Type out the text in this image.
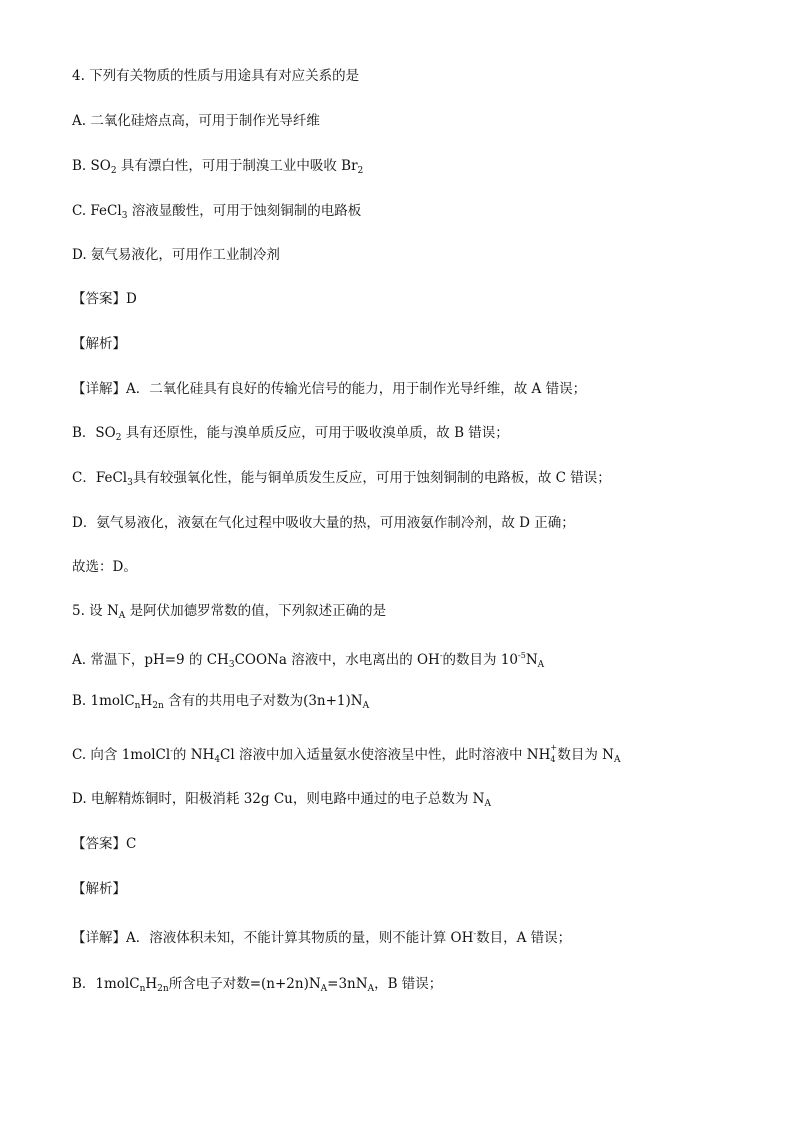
4. 下列有关物质的性质与用途具有对应关系的是
A. 二氧化硅熔点高，可用于制作光导纤维
B. $SO_2$ 具有漂白性，可用于制溴工业中吸收 $Br_2$
C. FeCl$_3$ 溶液显酸性，可用于蚀刻铜制的电路板
D. 氨气易液化，可用作工业制冷剂
【答案】D
【解析】
【详解】A．二氧化硅具有良好的传输光信号的能力，用于制作光导纤维，故 A 错误；
B．$SO_2$ 具有还原性，能与溴单质反应，可用于吸收溴单质，故 B 错误；
C．FeCl$_3$具有较强氧化性，能与铜单质发生反应，可用于蚀刻铜制的电路板，故 C 错误；
D．氨气易液化，液氨在气化过程中吸收大量的热，可用液氨作制冷剂，故 D 正确；
故选：D。
5. 设 $N_A$ 是阿伏加德罗常数的值，下列叙述正确的是
A. 常温下，pH=9 的 $CH_3COONa$ 溶液中，水电离出的 OH-的数目为 $10^{-5}N_A$
B. $1molC_nH_{2n}$ 含有的共用电子对数为$(3n+1)N_A$
C. 向含 1molCl-的 $NH_4Cl$ 溶液中加入适量氨水使溶液呈中性，此时溶液中 NH +
4 数目为 $N_A$
D. 电解精炼铜时，阳极消耗 32g Cu，则电路中通过的电子总数为 $N_A$
【答案】C
【解析】
【详解】A．溶液体积未知，不能计算其物质的量，则不能计算 OH-数目，A 错误；
B．$1molC_nH_{2n}$所含电子对数$=(n+2n)N_A=3nN_A$，B 错误；
